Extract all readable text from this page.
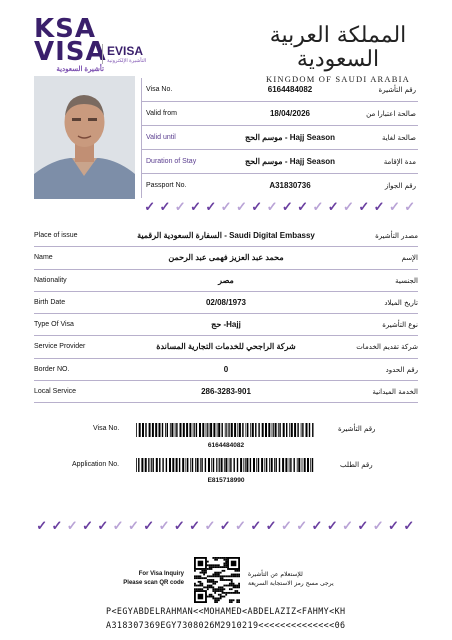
KSA
VISA
تأشيرة السعودية
EVISA
التأشيرة الإلكترونية
المملكة العربية السعودية
KINGDOM OF SAUDI ARABIA
Visa No.	6164484082	رقم التأشيرة
Valid from	18/04/2026	صالحة اعتبارا من
Valid until	موسم الحج - Hajj Season	صالحة لغاية
Duration of Stay	موسم الحج - Hajj Season	مدة الإقامة
Passport No.	A31830736	رقم الجواز
✓ ✓ ✓ ✓ ✓ ✓ ✓ ✓ ✓ ✓ ✓ ✓ ✓ ✓ ✓ ✓ ✓ ✓
Place of issue	السفارة السعودية الرقمية - Saudi Digital Embassy	مصدر التأشيرة
Name	محمد عبد العزيز فهمى عبد الرحمن	الإسم
Nationality	مصر	الجنسية
Birth Date	02/08/1973	تاريخ الميلاد
Type Of Visa	حج -Hajj	نوع التأشيرة
Service Provider	شركة الراجحي للخدمات التجارية المساندة	شركة تقديم الخدمات
Border NO.	0	رقم الحدود
Local Service	286-3283-901	الخدمة الميدانية
Visa No.	رقم التأشيرة
6164484082
Application No.	رقم الطلب
E815718990
✓ ✓ ✓ ✓ ✓ ✓ ✓ ✓ ✓ ✓ ✓ ✓ ✓ ✓ ✓ ✓ ✓ ✓ ✓ ✓ ✓ ✓ ✓ ✓ ✓
For Visa Inquiry
Please scan QR code
للإستعلام عن التأشيرة
يرجى مسح رمز الاستجابة السريعة
P<EGYABDELRAHMAN<<MOHAMED<ABDELAZIZ<FAHMY<KH
A318307369EGY7308026M2910219<<<<<<<<<<<<<<06
